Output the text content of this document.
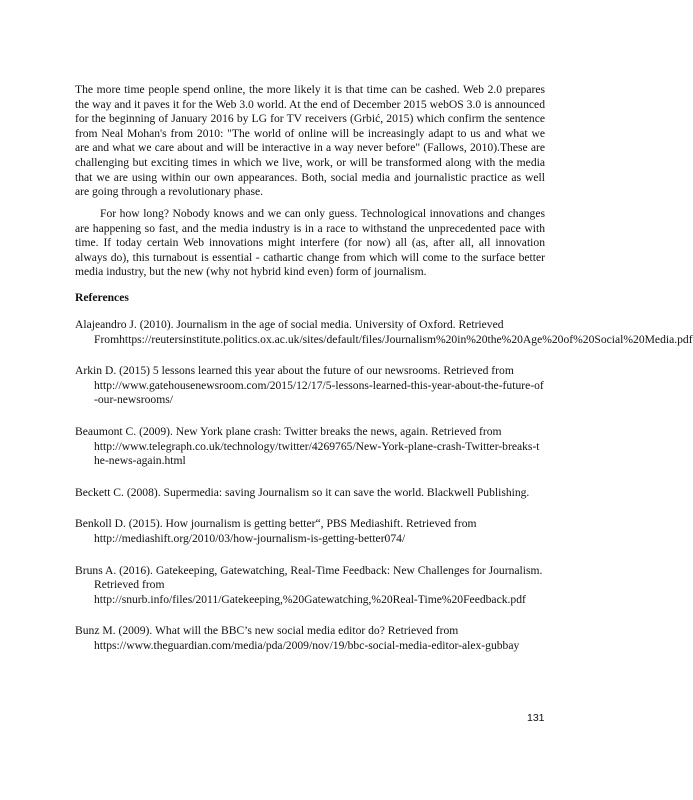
The more time people spend online, the more likely it is that time can be cashed. Web 2.0 prepares the way and it paves it for the Web 3.0 world. At the end of December 2015 webOS 3.0 is announced for the beginning of January 2016 by LG for TV receivers (Grbić, 2015) which confirm the sentence from Neal Mohan's from 2010: "The world of online will be increasingly adapt to us and what we are and what we care about and will be interactive in a way never before" (Fallows, 2010).These are challenging but exciting times in which we live, work, or will be transformed along with the media that we are using within our own appearances. Both, social media and journalistic practice as well are going through a revolutionary phase.

For how long? Nobody knows and we can only guess. Technological innovations and changes are happening so fast, and the media industry is in a race to withstand the unprecedented pace with time. If today certain Web innovations might interfere (for now) all (as, after all, all innovation always do), this turnabout is essential - cathartic change from which will come to the surface better media industry, but the new (why not hybrid kind even) form of journalism.

References
Alajeandro J. (2010). Journalism in the age of social media. University of Oxford. Retrieved Fromhttps://reutersinstitute.politics.ox.ac.uk/sites/default/files/Journalism%20in%20the%20Age%20of%20Social%20Media.pdf
Arkin D. (2015) 5 lessons learned this year about the future of our newsrooms. Retrieved from
http://www.gatehousenewsroom.com/2015/12/17/5-lessons-learned-this-year-about-the-future-of-our-newsrooms/
Beaumont C. (2009). New York plane crash: Twitter breaks the news, again. Retrieved from
http://www.telegraph.co.uk/technology/twitter/4269765/New-York-plane-crash-Twitter-breaks-the-news-again.html
Beckett C. (2008). Supermedia: saving Journalism so it can save the world. Blackwell Publishing.
Benkoll D. (2015). How journalism is getting better“, PBS Mediashift. Retrieved from
http://mediashift.org/2010/03/how-journalism-is-getting-better074/
Bruns A. (2016). Gatekeeping, Gatewatching, Real-Time Feedback: New Challenges for Journalism. Retrieved from
http://snurb.info/files/2011/Gatekeeping,%20Gatewatching,%20Real-Time%20Feedback.pdf
Bunz M. (2009). What will the BBC’s new social media editor do? Retrieved from
https://www.theguardian.com/media/pda/2009/nov/19/bbc-social-media-editor-alex-gubbay

131
